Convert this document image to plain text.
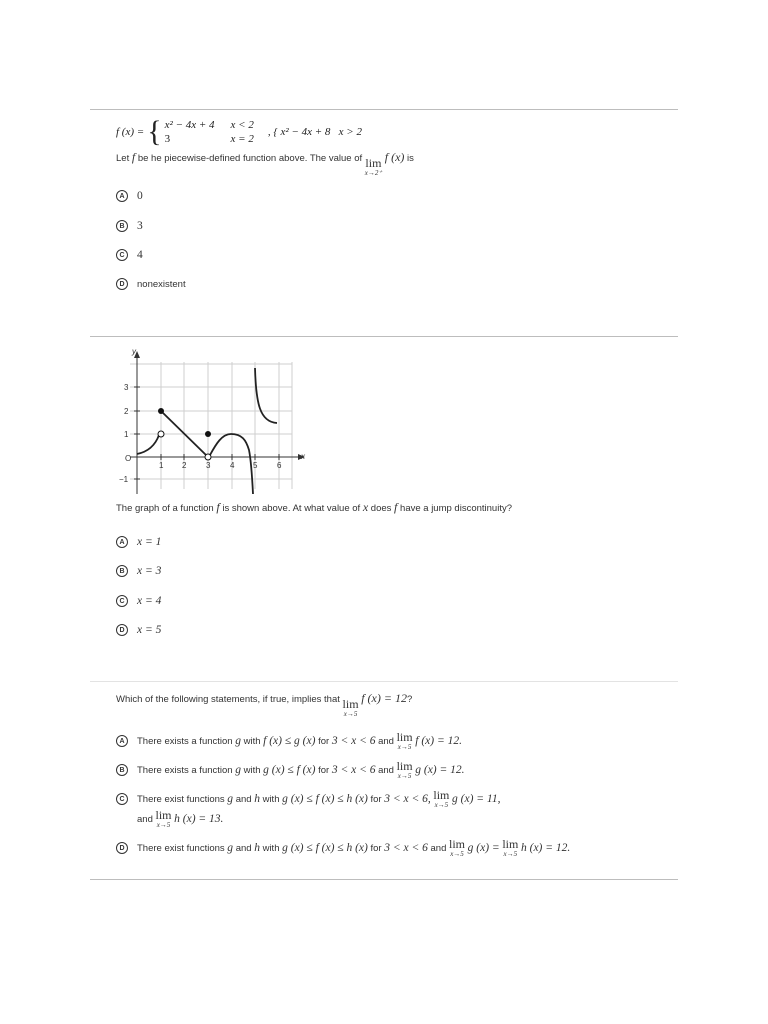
f (x) = { x² − 4x + 4 x < 2
3	x = 2
, { x² − 4x + 8   x > 2
Let f be he piecewise-defined function above. The value of lim
x→2⁺
f (x) is
A	0
B	3
C	4
D	nonexistent
x
y
O
1 2 3 4 5 6
3
2
1
−1
The graph of a function f is shown above. At what value of x does f have a jump discontinuity?
A	x = 1
B	x = 3
C	x = 4
D	x = 5
Which of the following statements, if true, implies that lim
x→5
f (x) = 12?
A	There exists a function
g
with
f (x) ≤ g (x)
for
3 < x < 6
and
lim
x→5
f (x) = 12.
B	There exists a function
g
with
g (x) ≤ f (x)
for
3 < x < 6
and
lim
x→5
g (x) = 12.
C	There exist functions
g
and
h
with
g (x) ≤ f (x) ≤ h (x)
for
3 < x < 6,
lim
x→5
g (x) = 11,
and
lim
x→5
h (x) = 13.
D	There exist functions
g
and
h
with
g (x) ≤ f (x) ≤ h (x)
for
3 < x < 6
and
lim
x→5
g (x) =
lim
x→5
h (x) = 12.
